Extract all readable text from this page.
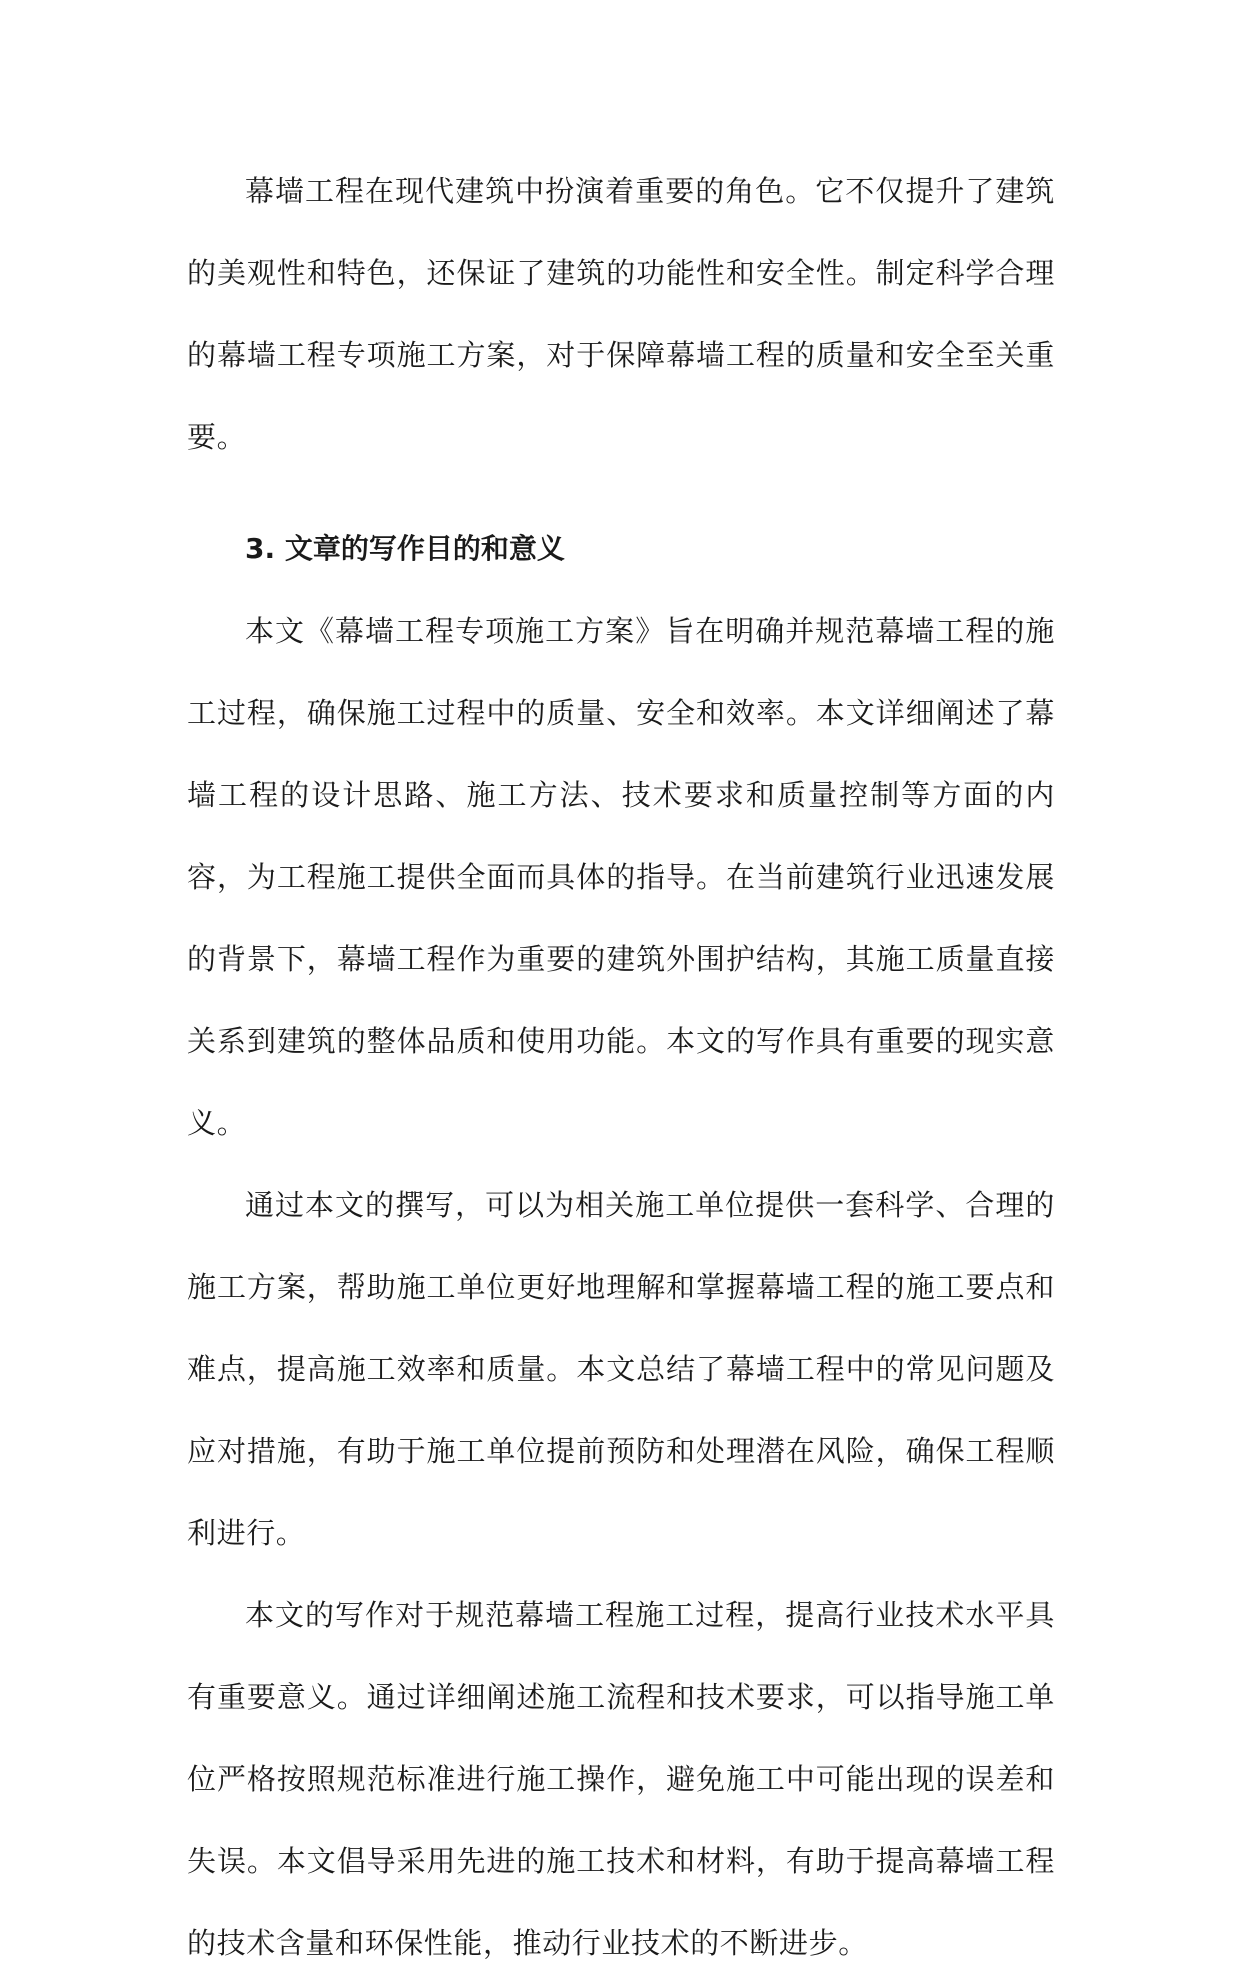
幕墙工程在现代建筑中扮演着重要的角色。它不仅提升了建筑的美观性和特色，还保证了建筑的功能性和安全性。制定科学合理的幕墙工程专项施工方案，对于保障幕墙工程的质量和安全至关重要。

3. 文章的写作目的和意义

本文《幕墙工程专项施工方案》旨在明确并规范幕墙工程的施工过程，确保施工过程中的质量、安全和效率。本文详细阐述了幕墙工程的设计思路、施工方法、技术要求和质量控制等方面的内容，为工程施工提供全面而具体的指导。在当前建筑行业迅速发展的背景下，幕墙工程作为重要的建筑外围护结构，其施工质量直接关系到建筑的整体品质和使用功能。本文的写作具有重要的现实意义。

通过本文的撰写，可以为相关施工单位提供一套科学、合理的施工方案，帮助施工单位更好地理解和掌握幕墙工程的施工要点和难点，提高施工效率和质量。本文总结了幕墙工程中的常见问题及应对措施，有助于施工单位提前预防和处理潜在风险，确保工程顺利进行。

本文的写作对于规范幕墙工程施工过程，提高行业技术水平具有重要意义。通过详细阐述施工流程和技术要求，可以指导施工单位严格按照规范标准进行施工操作，避免施工中可能出现的误差和失误。本文倡导采用先进的施工技术和材料，有助于提高幕墙工程的技术含量和环保性能，推动行业技术的不断进步。
